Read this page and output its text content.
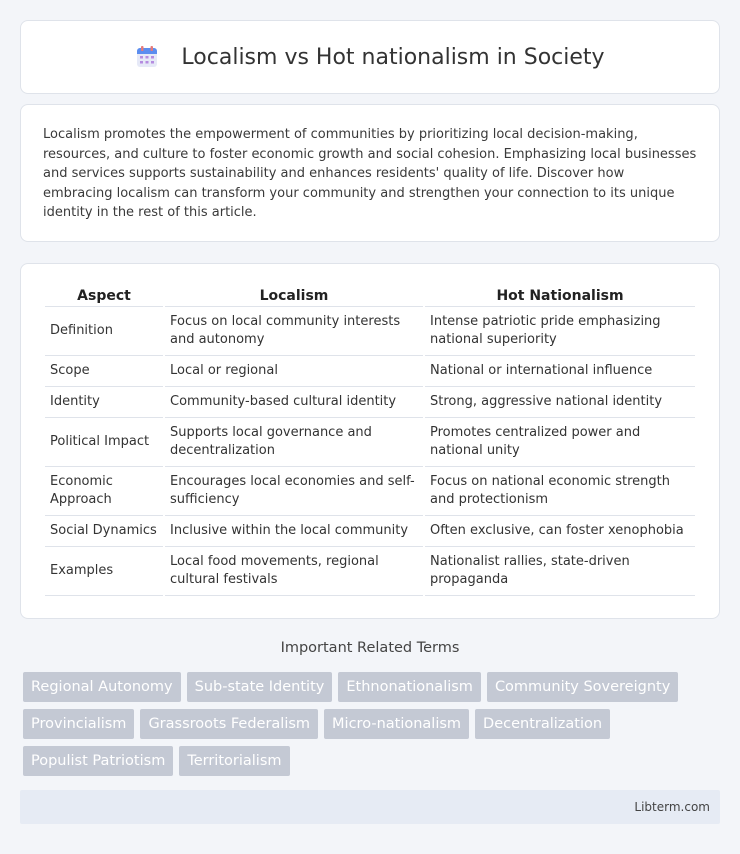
Localism vs Hot nationalism in Society

Localism promotes the empowerment of communities by prioritizing local decision-making, resources, and culture to foster economic growth and social cohesion. Emphasizing local businesses and services supports sustainability and enhances residents' quality of life. Discover how embracing localism can transform your community and strengthen your connection to its unique identity in the rest of this article.

Aspect	Localism	Hot Nationalism
Definition	Focus on local community interests and autonomy	Intense patriotic pride emphasizing national superiority
Scope	Local or regional	National or international influence
Identity	Community-based cultural identity	Strong, aggressive national identity
Political Impact	Supports local governance and decentralization	Promotes centralized power and national unity
Economic Approach	Encourages local economies and self-sufficiency	Focus on national economic strength and protectionism
Social Dynamics	Inclusive within the local community	Often exclusive, can foster xenophobia
Examples	Local food movements, regional cultural festivals	Nationalist rallies, state-driven propaganda
Important Related Terms
Regional Autonomy	Sub-state Identity	Ethnonationalism	Community Sovereignty
Provincialism	Grassroots Federalism	Micro-nationalism	Decentralization
Populist Patriotism	Territorialism
Libterm.com
